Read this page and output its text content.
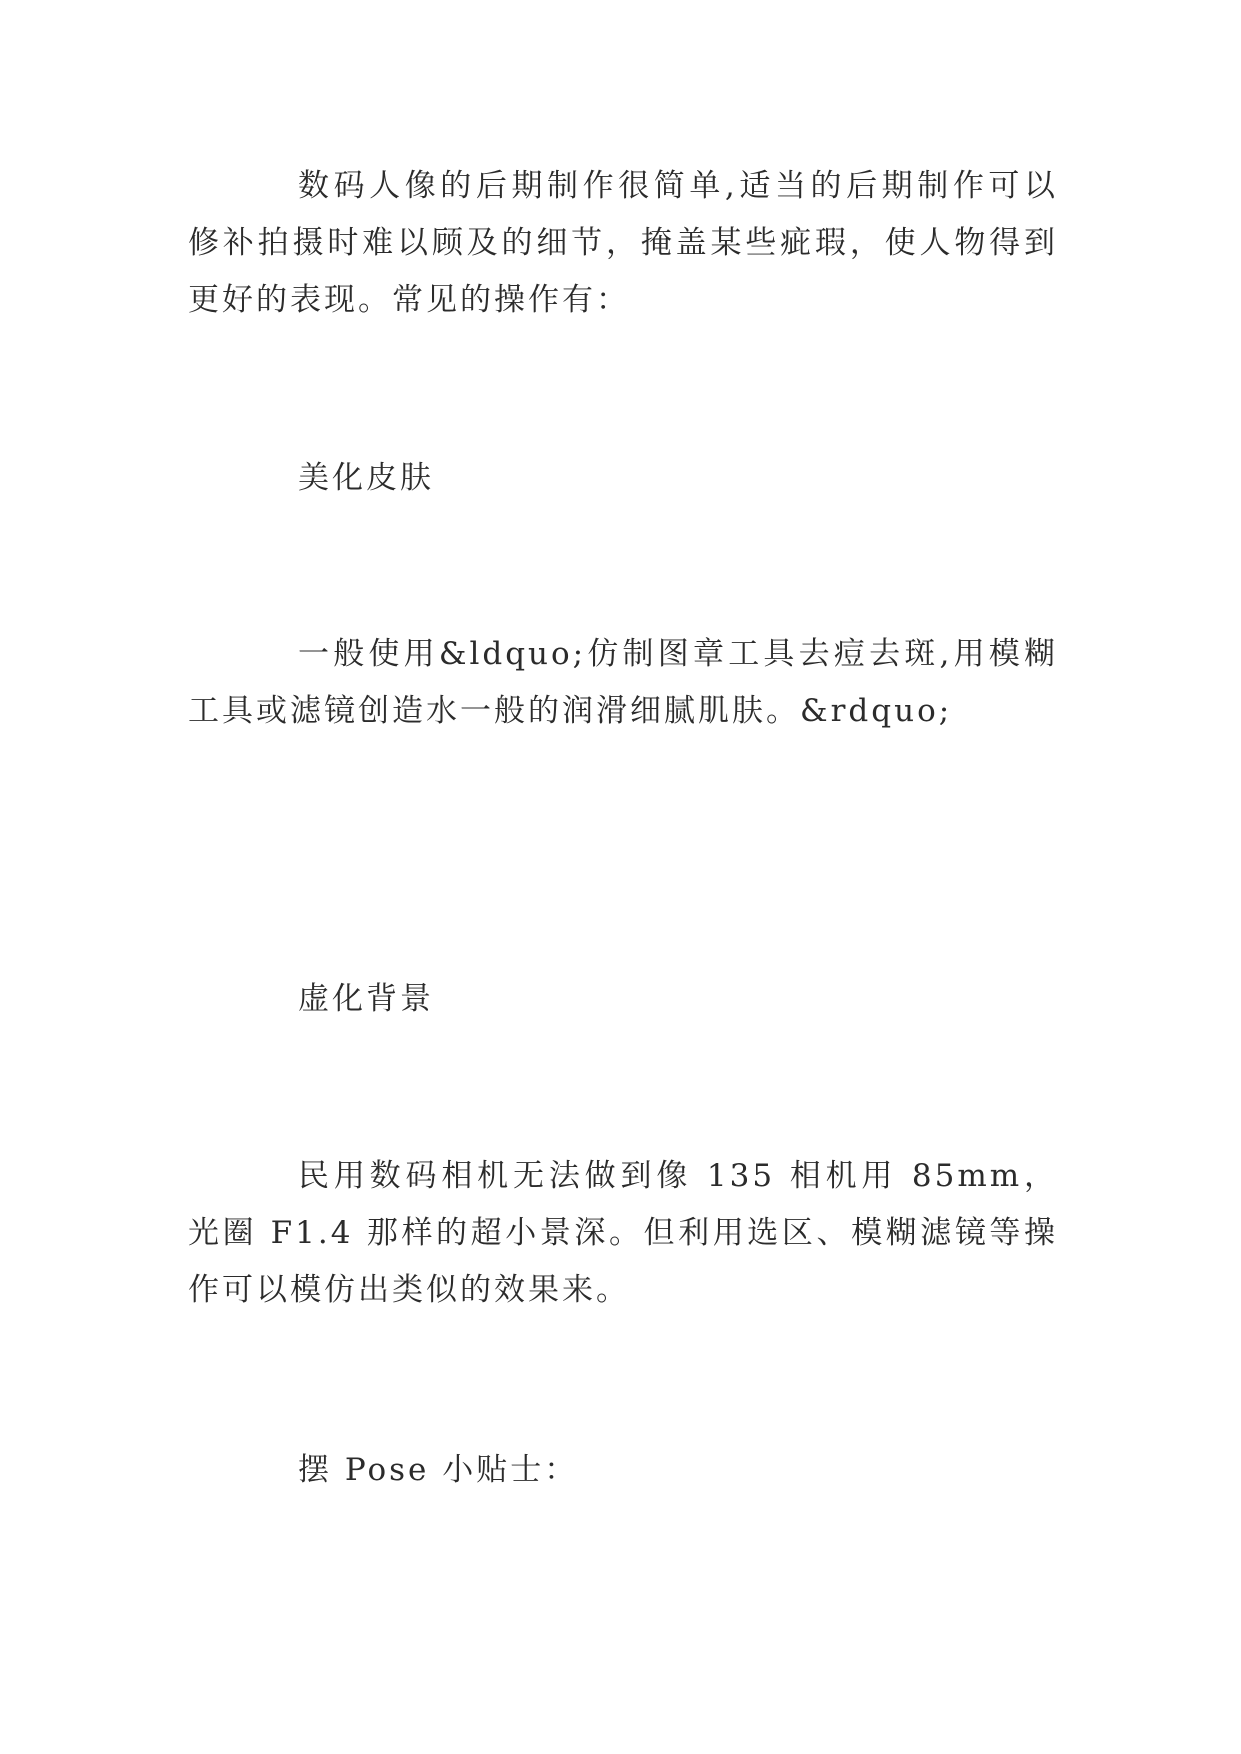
数码人像的后期制作很简单,适当的后期制作可以修补拍摄时难以顾及的细节，掩盖某些疵瑕，使人物得到更好的表现。常见的操作有：

美化皮肤

一般使用&ldquo;仿制图章工具去痘去斑,用模糊工具或滤镜创造水一般的润滑细腻肌肤。&rdquo;

虚化背景

民用数码相机无法做到像 135 相机用 85mm，光圈 F1.4 那样的超小景深。但利用选区、模糊滤镜等操作可以模仿出类似的效果来。

摆 Pose 小贴士：
